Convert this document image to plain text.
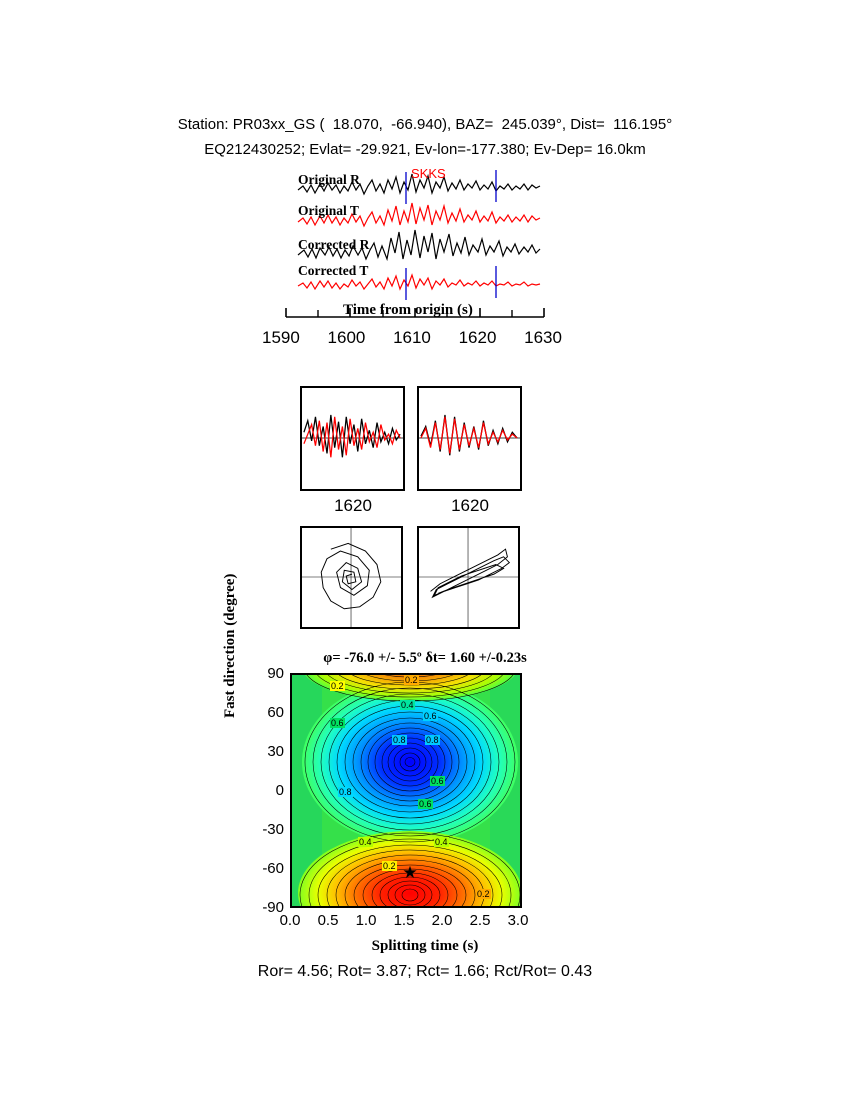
Station: PR03xx_GS (  18.070,  -66.940), BAZ=  245.039°, Dist=  116.195°
EQ212430252; Evlat= -29.921, Ev-lon=-177.380; Ev-Dep= 16.0km
Original R
Original T
Corrected R
Corrected T
SKKS
Time from origin (s)
1590 1600 1610 1620 1630
1620	1620
φ= -76.0 +/- 5.5º δt= 1.60 +/-0.23s
Fast direction (degree) 90
60
30
0
-30
-60
-90
★
0.2
0.2
0.4
0.6
0.6
0.8 0.8
0.8
0.6
0.6
0.4	0.4
0.2
0.2
0.0	0.5	1.0	1.5	2.0	2.5	3.0
Splitting time (s)
Ror= 4.56; Rot= 3.87; Rct= 1.66; Rct/Rot= 0.43
